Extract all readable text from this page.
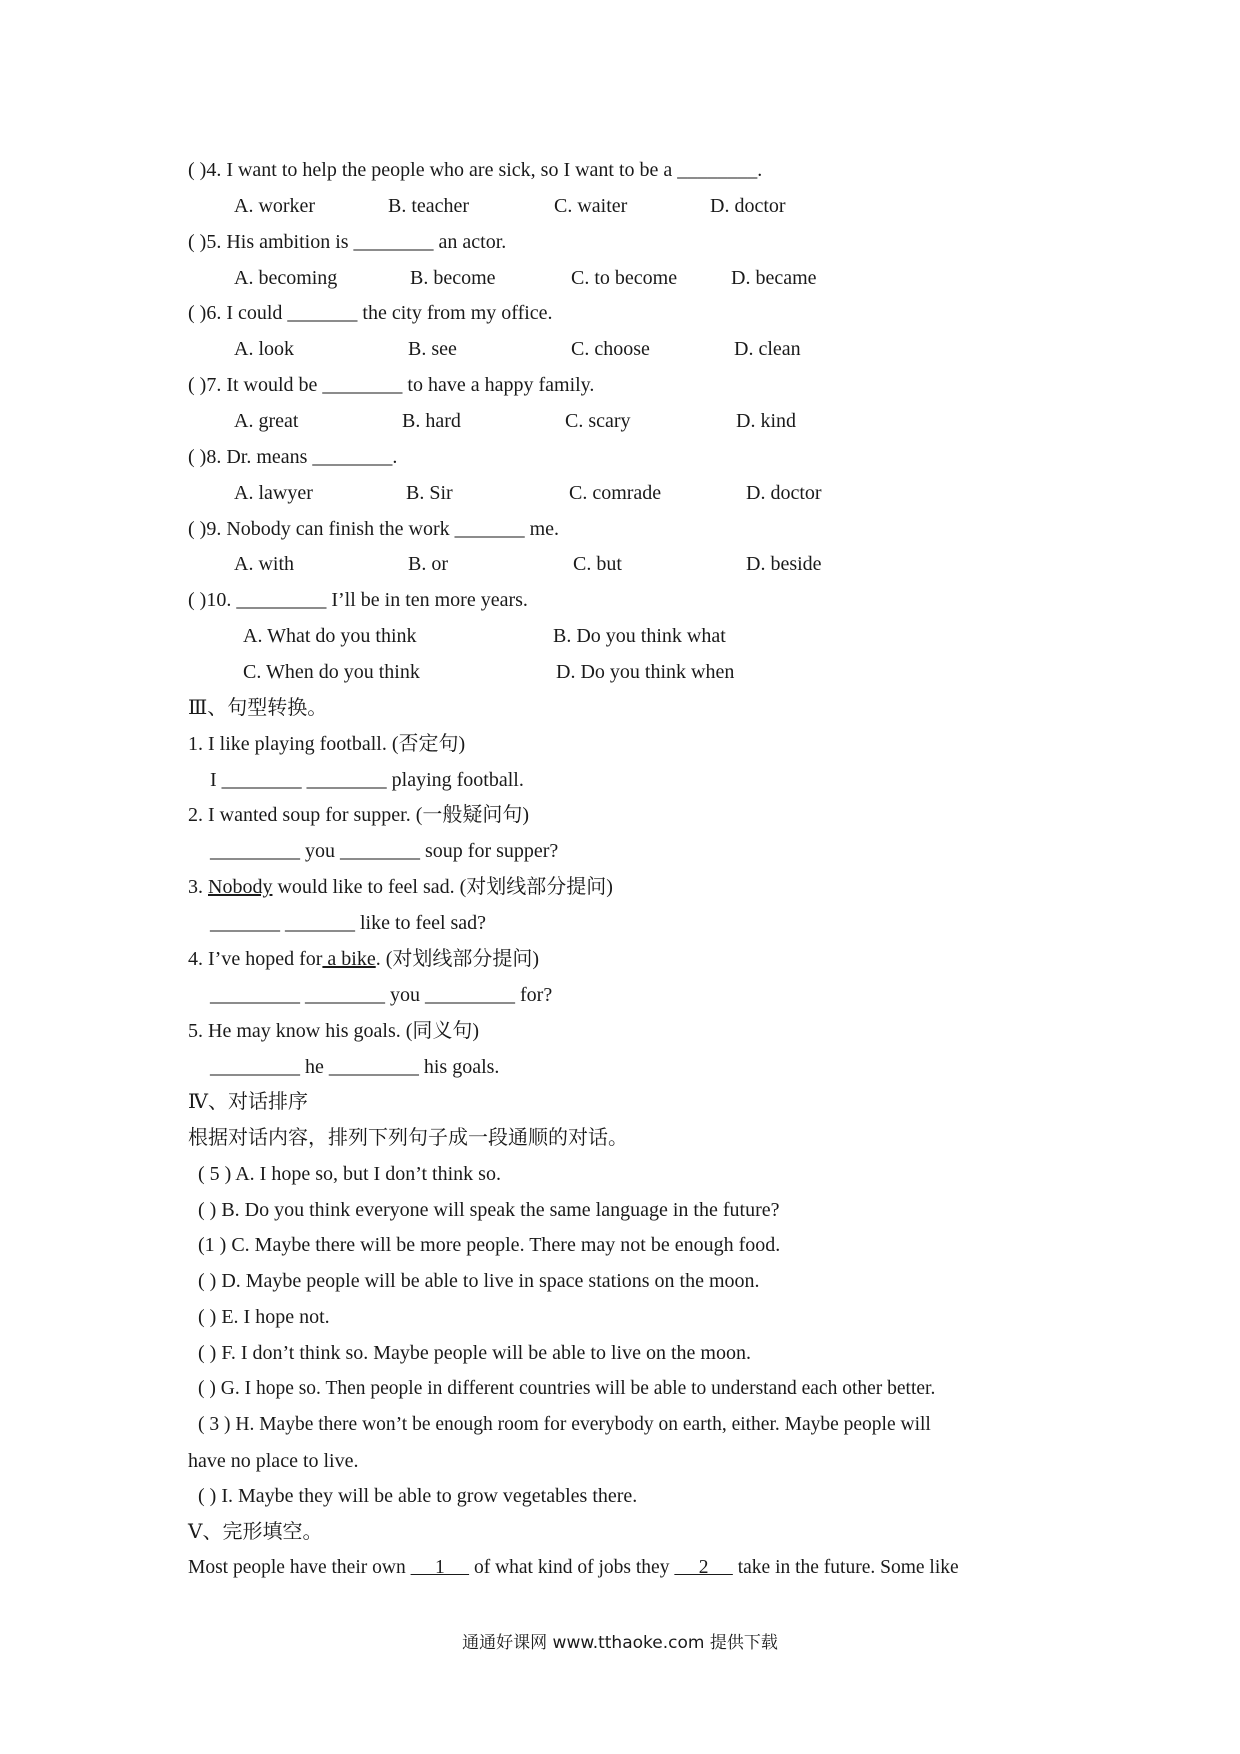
( )4. I want to help the people who are sick, so I want to be a ________.
A. worker	B. teacher	C. waiter	D. doctor
( )5. His ambition is ________ an actor.
A. becoming	B. become	C. to become	D. became
( )6. I could _______ the city from my office.
A. look	B. see	C. choose	D. clean
( )7. It would be ________ to have a happy family.
A. great	B. hard	C. scary	D. kind
( )8. Dr. means ________.
A. lawyer	B. Sir	C. comrade	D. doctor
( )9. Nobody can finish the work _______ me.
A. with	B. or	C. but	D. beside
( )10. _________ I’ll be in ten more years.
A. What do you think	B. Do you think what
C. When do you think	D. Do you think when
Ⅲ、句型转换。
1. I like playing football. (否定句)
I ________ ________ playing football.
2. I wanted soup for supper. (一般疑问句)
_________ you ________ soup for supper?
3. Nobody would like to feel sad. (对划线部分提问)
_______ _______ like to feel sad?
4. I’ve hoped for a bike. (对划线部分提问)
_________ ________ you _________ for?
5. He may know his goals. (同义句)
_________ he _________ his goals.
Ⅳ、对话排序
根据对话内容，排列下列句子成一段通顺的对话。
( 5 ) A. I hope so, but I don’t think so.
( ) B. Do you think everyone will speak the same language in the future?
(1 ) C. Maybe there will be more people. There may not be enough food.
( ) D. Maybe people will be able to live in space stations on the moon.
( ) E. I hope not.
( ) F. I don’t think so. Maybe people will be able to live on the moon.
( ) G. I hope so. Then people in different countries will be able to understand each other better.
( 3 ) H. Maybe there won’t be enough room for everybody on earth, either. Maybe people will
have no place to live.
( ) I. Maybe they will be able to grow vegetables there.
Ⅴ、完形填空。
Most people have their own      1      of what kind of jobs they      2      take in the future. Some like
通通好课网 www.tthaoke.com 提供下载
